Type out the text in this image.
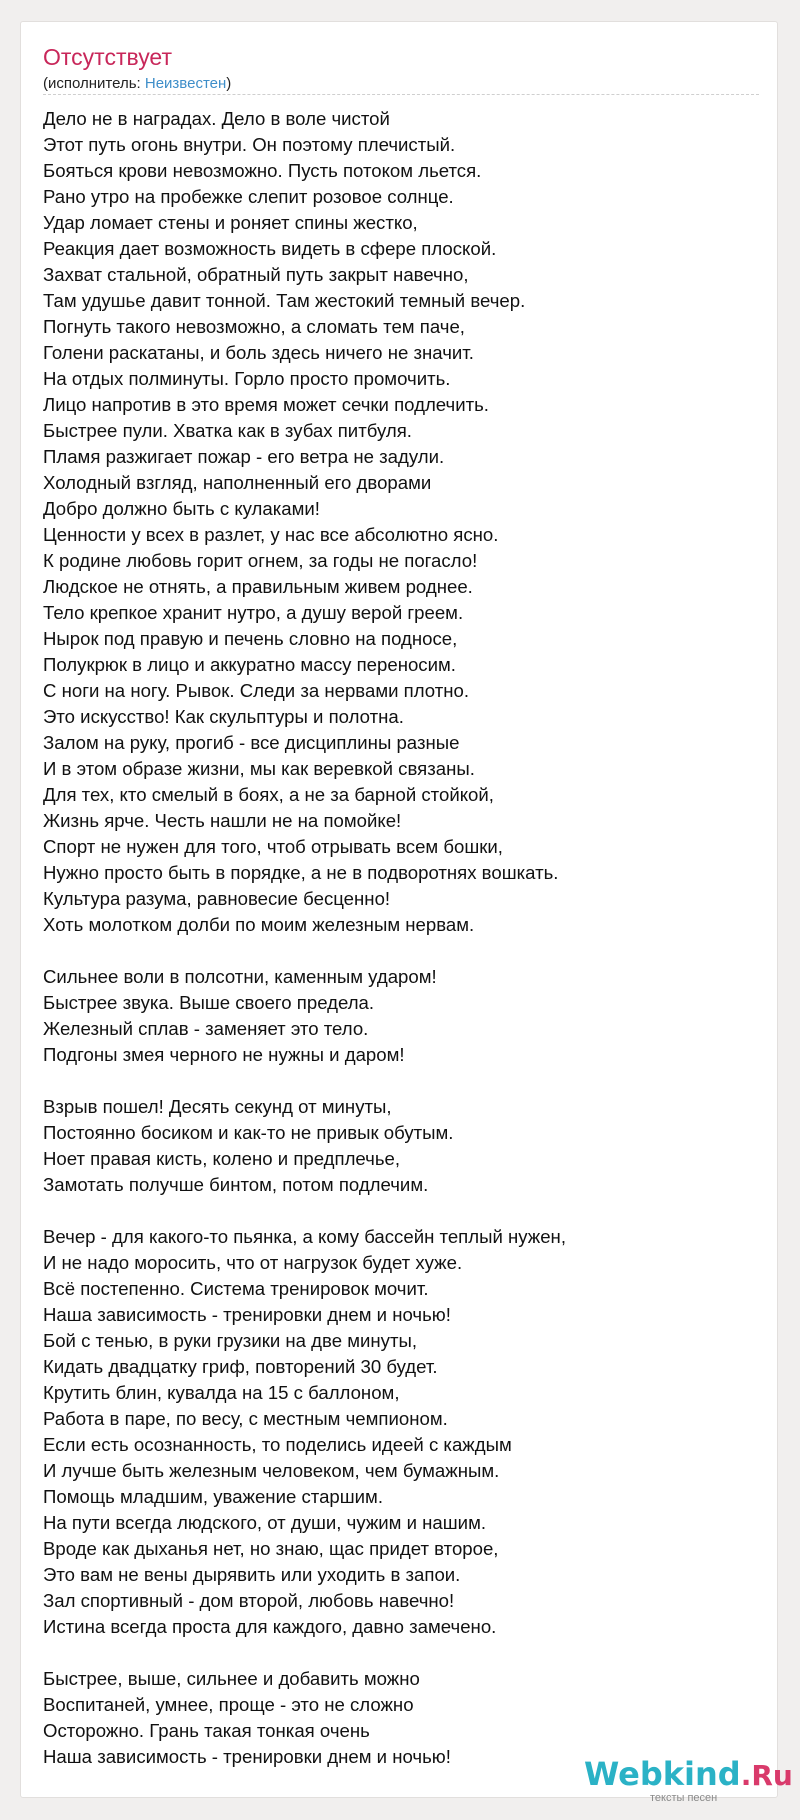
Отсутствует
(исполнитель: Неизвестен)
Дело не в наградах. Дело в воле чистой
Этот путь огонь внутри. Он поэтому плечистый.
Бояться крови невозможно. Пусть потоком льется.
Рано утро на пробежке слепит розовое солнце.
Удар ломает стены и роняет спины жестко,
Реакция дает возможность видеть в сфере плоской.
Захват стальной, обратный путь закрыт навечно,
Там удушье давит тонной. Там жестокий темный вечер.
Погнуть такого невозможно, а сломать тем паче,
Голени раскатаны, и боль здесь ничего не значит.
На отдых полминуты. Горло просто промочить.
Лицо напротив в это время может сечки подлечить.
Быстрее пули. Хватка как в зубах питбуля.
Пламя разжигает пожар - его ветра не задули.
Холодный взгляд, наполненный его дворами
Добро должно быть с кулаками!
Ценности у всех в разлет, у нас все абсолютно ясно.
К родине любовь горит огнем, за годы не погасло!
Людское не отнять, а правильным живем роднее.
Тело крепкое хранит нутро, а душу верой греем.
Нырок под правую и печень словно на подносе,
Полукрюк в лицо и аккуратно массу переносим.
С ноги на ногу. Рывок. Следи за нервами плотно.
Это искусство! Как скульптуры и полотна.
Залом на руку, прогиб - все дисциплины разные
И в этом образе жизни, мы как веревкой связаны.
Для тех, кто смелый в боях, а не за барной стойкой,
Жизнь ярче. Честь нашли не на помойке!
Спорт не нужен для того, чтоб отрывать всем бошки,
Нужно просто быть в порядке, а не в подворотнях вошкать.
Культура разума, равновесие бесценно!
Хоть молотком долби по моим железным нервам.
Сильнее воли в полсотни, каменным ударом!
Быстрее звука. Выше своего предела.
Железный сплав - заменяет это тело.
Подгоны змея черного не нужны и даром!
Взрыв пошел! Десять секунд от минуты,
Постоянно босиком и как-то не привык обутым.
Ноет правая кисть, колено и предплечье,
Замотать получше бинтом, потом подлечим.
Вечер - для какого-то пьянка, а кому бассейн теплый нужен,
И не надо моросить, что от нагрузок будет хуже.
Всё постепенно. Система тренировок мочит.
Наша зависимость - тренировки днем и ночью!
Бой с тенью, в руки грузики на две минуты,
Кидать двадцатку гриф, повторений 30 будет.
Крутить блин, кувалда на 15 с баллоном,
Работа в паре, по весу, с местным чемпионом.
Если есть осознанность, то поделись идеей с каждым
И лучше быть железным человеком, чем бумажным.
Помощь младшим, уважение старшим.
На пути всегда людского, от души, чужим и нашим.
Вроде как дыханья нет, но знаю, щас придет второе,
Это вам не вены дырявить или уходить в запои.
Зал спортивный - дом второй, любовь навечно!
Истина всегда проста для каждого, давно замечено.
Быстрее, выше, сильнее и добавить можно
Воспитаней, умнее, проще - это не сложно
Осторожно. Грань такая тонкая очень
Наша зависимость - тренировки днем и ночью!	Webkind.Ru
тексты песен
